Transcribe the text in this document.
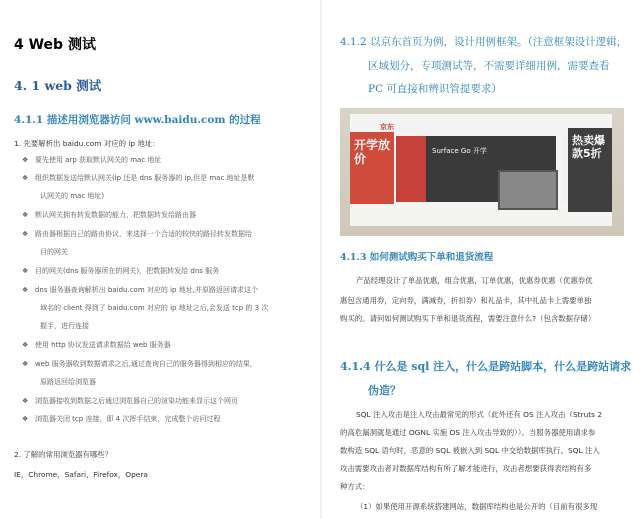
4 Web 测试
4. 1 web 测试
4.1.1 描述用浏览器访问 www.baidu.com 的过程
1. 先要解析出 baidu.com 对应的 ip 地址：
❖   要先使用 arp 获取默认网关的 mac 地址
❖   组织数据发送给默认网关(ip 还是 dns 服务器的 ip,但是 mac 地址是默
认网关的 mac 地址)
❖   默认网关拥有转发数据的能力，把数据转发给路由器
❖   路由器根据自己的路由协议，来选择一个合适的较快的路径转发数据给
目的网关
❖   目的网关(dns 服务器所在的网关)，把数据转发给 dns 服务
❖   dns 服务器查询解析出 baidu.com 对应的 ip 地址,并原路返回请求这个
域名的 client 得到了 baidu.com 对应的 ip 地址之后,会发送 tcp 的 3 次
握手，进行连接
❖   使用 http 协议发送请求数据给 web 服务器
❖   web 服务器收到数据请求之后,通过查询自己的服务器得到相应的结果，
原路返回给浏览器
❖   浏览器接收到数据之后通过浏览器自己的渲染功能来显示这个网页
❖   浏览器关闭 tcp 连接，即 4 次挥手结束，完成整个访问过程
2. 了解的常用浏览器有哪些？
IE，Chrome，Safari，Firefox，Opera
4.1.2 以京东首页为例，设计用例框架。（注意框架设计逻辑，
区域划分，专项测试等，不需要详细用例，需要查看
PC 可直接和辨识管提要求）
京东
开学放价
Surface Go 开学
热卖爆款5折
4.1.3 如何测试购买下单和退货流程
产品经理设计了单品优惠，组合优惠，订单优惠，优惠券优惠（优惠券优
惠包含通用券，定向券，满减券，折扣券）和礼品卡，其中礼品卡上需要单独
购买的。请问如何测试购买下单和退货流程，需要注意什么?（包含数据存储）
4.1.4 什么是 sql 注入，什么是跨站脚本，什么是跨站请求
伪造？
SQL 注入攻击是注入攻击最常见的形式（此外还有 OS 注入攻击（Struts 2
的高危漏洞就是通过 OGNL 实施 OS 注入攻击导致的））。当服务器使用请求参
数构造 SQL 语句时，恶意的 SQL 被嵌入到 SQL 中交给数据库执行。SQL 注入
攻击需要攻击者对数据库结构有所了解才能进行，攻击者想要获得表结构有多
种方式：
（1）如果使用开源系统搭建网站，数据库结构也是公开的（目前有很多现
